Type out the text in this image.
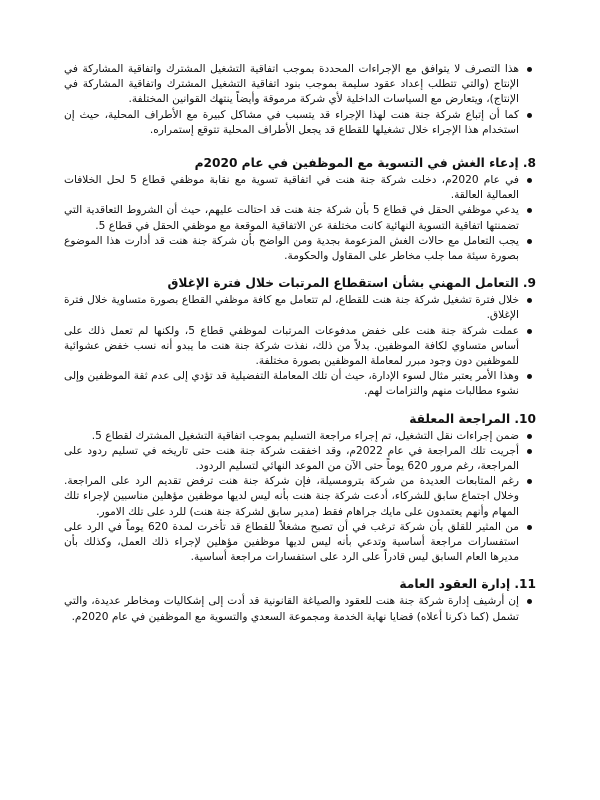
هذا التصرف لا يتوافق مع الإجراءات المحددة بموجب اتفاقية التشغيل المشترك واتفاقية المشاركة في الإنتاج (والتي تتطلب إعداد عقود سليمة بموجب بنود اتفاقية التشغيل المشترك واتفاقية المشاركة في الإنتاج)، ويتعارض مع السياسات الداخلية لأي شركة مرموقة وأيضاً ينتهك القوانين المختلفة.
كما أن إتباع شركة جنة هنت لهذا الإجراء قد يتسبب في مشاكل كبيرة مع الأطراف المحلية، حيث إن استخدام هذا الإجراء خلال تشغيلها للقطاع قد يجعل الأطراف المحلية تتوقع إستمراره.
8. إدعاء الغش في التسوية مع الموظفين في عام 2020م
في عام 2020م، دخلت شركة جنة هنت في اتفاقية تسوية مع نقابة موظفي قطاع 5 لحل الخلافات العمالية العالقة.
يدعي موظفي الحقل في قطاع 5 بأن شركة جنة هنت قد احتالت عليهم، حيث أن الشروط التعاقدية التي تضمنتها اتفاقية التسوية النهائية كانت مختلفة عن الاتفاقية الموقعة مع موظفي الحقل في قطاع 5.
يجب التعامل مع حالات الغش المزعومة بجدية ومن الواضح بأن شركة جنة هنت قد أدارت هذا الموضوع بصورة سيئة مما جلب مخاطر على المقاول والحكومة.
9. التعامل المهني بشأن استقطاع المرتبات خلال فترة الإغلاق
خلال فترة تشغيل شركة جنة هنت للقطاع، لم تتعامل مع كافة موظفي القطاع بصورة متساوية خلال فترة الإغلاق.
عملت شركة جنة هنت على خفض مدفوعات المرتبات لموظفي قطاع 5، ولكنها لم تعمل ذلك على أساس متساوي لكافة الموظفين. بدلاً من ذلك، نفذت شركة جنة هنت ما يبدو أنه نسب خفض عشوائية للموظفين دون وجود مبرر لمعاملة الموظفين بصورة مختلفة.
وهذا الأمر يعتبر مثال لسوء الإدارة، حيث أن تلك المعاملة التفضيلية قد تؤدي إلى عدم ثقة الموظفين وإلى نشوء مطالبات منهم والتزامات لهم.
10. المراجعة المعلقة
ضمن إجراءات نقل التشغيل، تم إجراء مراجعة التسليم بموجب اتفاقية التشغيل المشترك لقطاع 5.
أجريت تلك المراجعة في عام 2022م، وقد اخفقت شركة جنة هنت حتى تاريخه في تسليم ردود على المراجعة، رغم مرور 620 يوماً حتى الآن من الموعد النهائي لتسليم الردود.
رغم المتابعات العديدة من شركة بترومسيلة، فإن شركة جنة هنت ترفض تقديم الرد على المراجعة. وخلال اجتماع سابق للشركاء، أدعت شركة جنة هنت بأنه ليس لديها موظفين مؤهلين مناسبين لإجراء تلك المهام وأنهم يعتمدون على مايك جراهام فقط (مدير سابق لشركة جنة هنت) للرد على تلك الامور.
من المثير للقلق بأن شركة ترغب في أن تصبح مشغلاً للقطاع قد تأخرت لمدة 620 يوماً في الرد على استفسارات مراجعة أساسية وتدعي بأنه ليس لديها موظفين مؤهلين لإجراء ذلك العمل، وكذلك بأن مديرها العام السابق ليس قادراً على الرد على استفسارات مراجعة أساسية.
11. إدارة العقود العامة
إن أرشيف إدارة شركة جنة هنت للعقود والصياغة القانونية قد أدت إلى إشكاليات ومخاطر عديدة، والتي تشمل (كما ذكرنا أعلاه) قضايا نهاية الخدمة ومجموعة السعدي والتسوية مع الموظفين في عام 2020م.
